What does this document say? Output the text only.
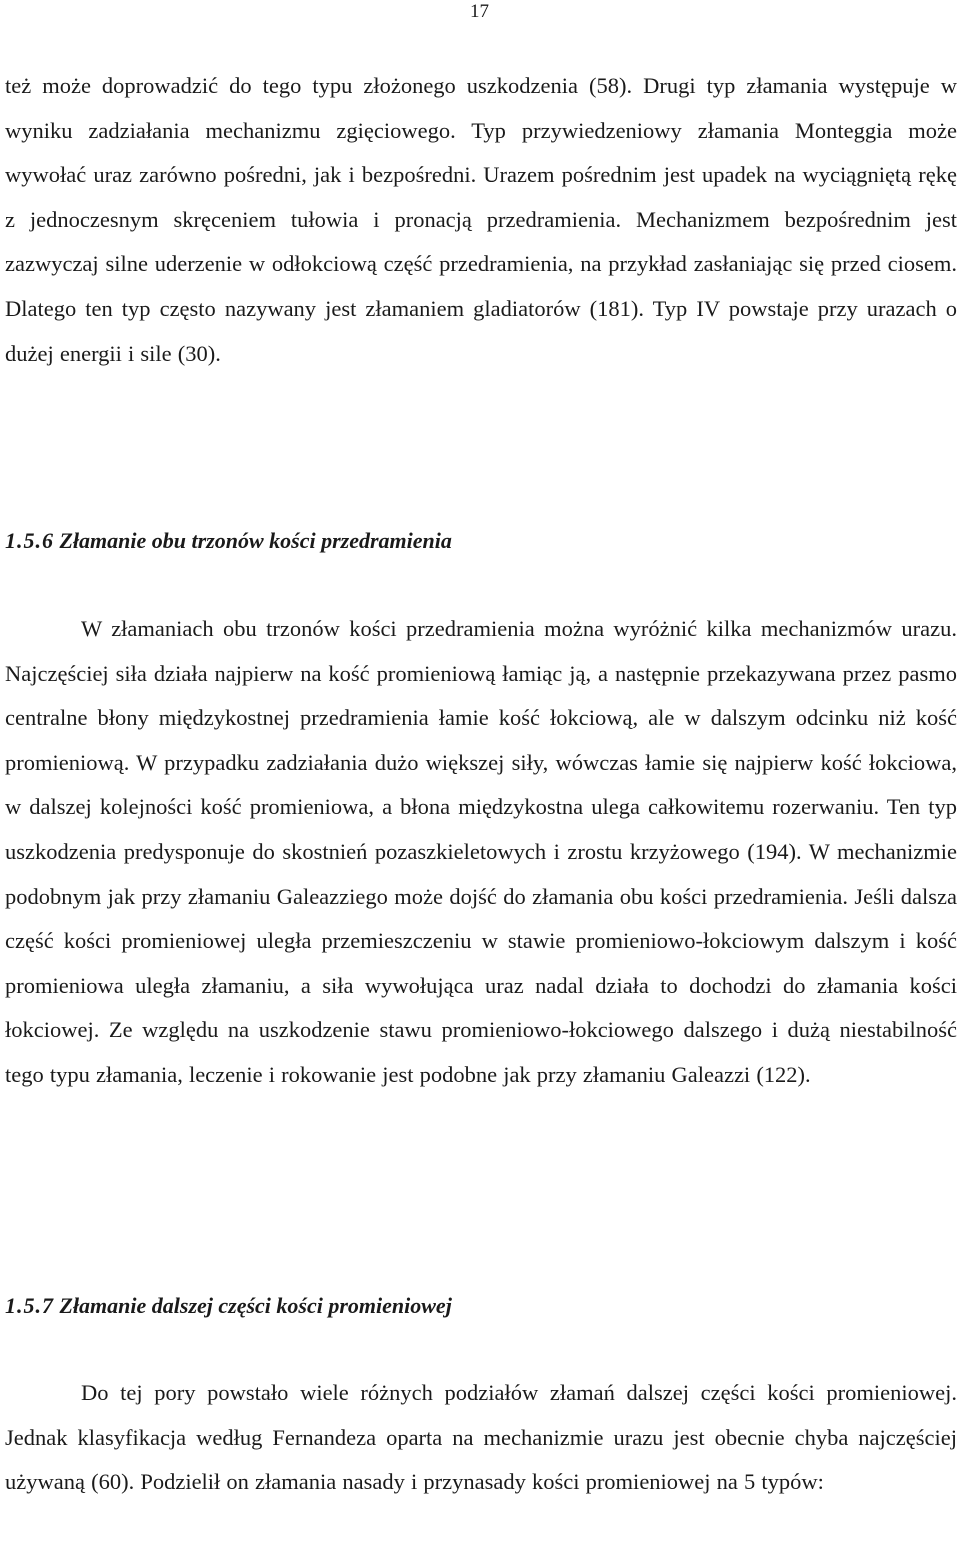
17

też może doprowadzić do tego typu złożonego uszkodzenia (58). Drugi typ złamania występuje w wyniku zadziałania mechanizmu zgięciowego. Typ przywiedzeniowy złamania Monteggia może wywołać uraz zarówno pośredni, jak i bezpośredni. Urazem pośrednim jest upadek na wyciągniętą rękę z jednoczesnym skręceniem tułowia i pronacją przedramienia. Mechanizmem bezpośrednim jest zazwyczaj silne uderzenie w odłokciową część przedramienia, na przykład zasłaniając się przed ciosem. Dlatego ten typ często nazywany jest złamaniem gladiatorów (181). Typ IV powstaje przy urazach o dużej energii i sile (30).

1.5.6 Złamanie obu trzonów kości przedramienia

W złamaniach obu trzonów kości przedramienia można wyróżnić kilka mechanizmów urazu. Najczęściej siła działa najpierw na kość promieniową łamiąc ją, a następnie przekazywana przez pasmo centralne błony międzykostnej przedramienia łamie kość łokciową, ale w dalszym odcinku niż kość promieniową. W przypadku zadziałania dużo większej siły, wówczas łamie się najpierw kość łokciowa, w dalszej kolejności kość promieniowa, a błona międzykostna ulega całkowitemu rozerwaniu. Ten typ uszkodzenia predysponuje do skostnień pozaszkieletowych i zrostu krzyżowego (194). W mechanizmie podobnym jak przy złamaniu Galeazziego może dojść do złamania obu kości przedramienia. Jeśli dalsza część kości promieniowej uległa przemieszczeniu w stawie promieniowo-łokciowym dalszym i kość promieniowa uległa złamaniu, a siła wywołująca uraz nadal działa to dochodzi do złamania kości łokciowej. Ze względu na uszkodzenie stawu promieniowo-łokciowego dalszego i dużą niestabilność tego typu złamania, leczenie i rokowanie jest podobne jak przy złamaniu Galeazzi (122).

1.5.7 Złamanie dalszej części kości promieniowej

Do tej pory powstało wiele różnych podziałów złamań dalszej części kości promieniowej. Jednak klasyfikacja według Fernandeza oparta na mechanizmie urazu jest obecnie chyba najczęściej używaną (60). Podzielił on złamania nasady i przynasady kości promieniowej na 5 typów:
